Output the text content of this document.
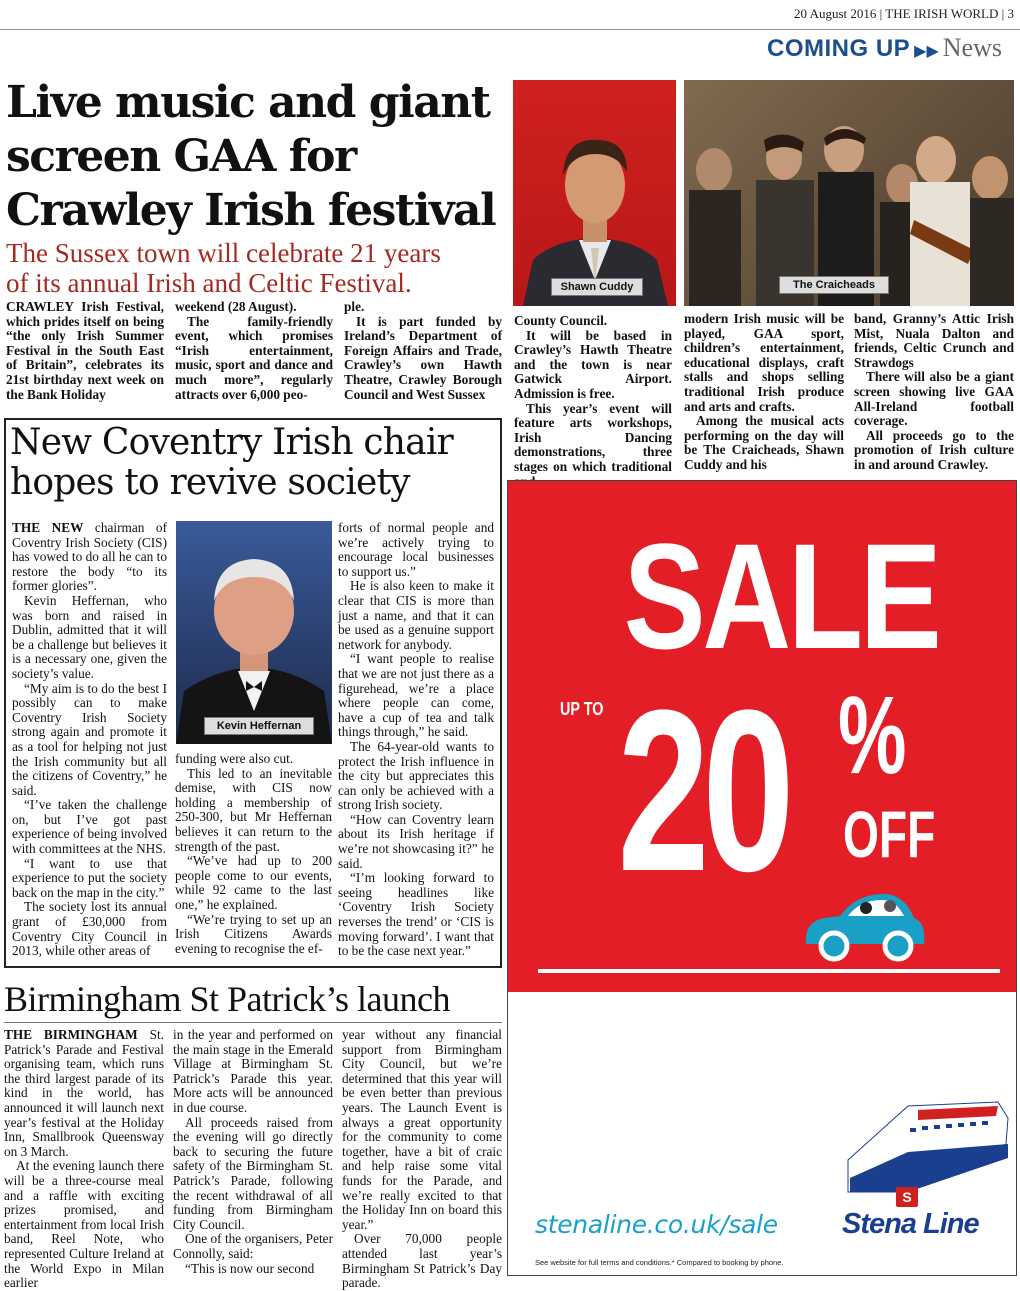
20 August 2016 | THE IRISH WORLD | 3
COMING UP ▶▶ News
Live music and giant
screen GAA for
Crawley Irish festival
The Sussex town will celebrate 21 years
of its annual Irish and Celtic Festival.

CRAWLEY Irish Festival, which prides itself on being “the only Irish Summer Festival in the South East of Britain”, celebrates its 21st birthday next week on the Bank Holiday

weekend (28 August).

The family-friendly event, which promises “Irish entertainment, music, sport and dance and much more”, regularly attracts over 6,000 peo-

ple.

It is part funded by Ireland’s Department of Foreign Affairs and Trade, Crawley’s own Hawth Theatre, Crawley Borough Council and West Sussex

County Council.

It will be based in Crawley’s Hawth Theatre and the town is near Gatwick Airport. Admission is free.

This year’s event will feature arts workshops, Irish Dancing demonstrations, three stages on which traditional

modern Irish music will be played, GAA sport, children’s entertainment, educational displays, craft stalls and shops selling traditional Irish produce and arts and crafts.

Among the musical acts performing on the day will be The Craicheads, Shawn Cuddy and his

band, Granny’s Attic Irish Mist, Nuala Dalton and friends, Celtic Crunch and Strawdogs

There will also be a giant screen showing live GAA All-Ireland football coverage.

All proceeds go to the promotion of Irish culture in and around Crawley.

Shawn Cuddy	The Craicheads
New Coventry Irish chair
hopes to revive society

THE NEW chairman of Coventry Irish Society (CIS) has vowed to do all he can to restore the body “to its former glories”.

Kevin Heffernan, who was born and raised in Dublin, admitted that it will be a challenge but believes it is a necessary one, given the society’s value.

“My aim is to do the best I possibly can to make Coventry Irish Society strong again and promote it as a tool for helping not just the Irish community but all the citizens of Coventry,” he said.

“I’ve taken the challenge on, but I’ve got past experience of being involved with committees at the NHS.

“I want to use that experience to put the society back on the map in the city.”

The society lost its annual grant of £30,000 from Coventry City Council in 2013, while other areas of

Kevin Heffernan

funding were also cut.

This led to an inevitable demise, with CIS now holding a membership of 250-300, but Mr Heffernan believes it can return to the strength of the past.

“We’ve had up to 200 people come to our events, while 92 came to the last one,” he explained.

“We’re trying to set up an Irish Citizens Awards evening to recognise the ef-

forts of normal people and we’re actively trying to encourage local businesses to support us.”

He is also keen to make it clear that CIS is more than just a name, and that it can be used as a genuine support network for anybody.

“I want people to realise that we are not just there as a figurehead, we’re a place where people can come, have a cup of tea and talk things through,” he said.

The 64-year-old wants to protect the Irish influence in the city but appreciates this can only be achieved with a strong Irish society.

“How can Coventry learn about its Irish heritage if we’re not showcasing it?” he said.

“I’m looking forward to seeing headlines like ‘Coventry Irish Society reverses the trend’ or ‘CIS is moving forward’. I want that to be the case next year.”

Birmingham St Patrick’s launch

THE BIRMINGHAM St. Patrick’s Parade and Festival organising team, which runs the third largest parade of its kind in the world, has announced it will launch next year’s festival at the Holiday Inn, Smallbrook Queensway on 3 March.

At the evening launch there will be a three-course meal and a raffle with exciting prizes promised, and entertainment from local Irish band, Reel Note, who represented Culture Ireland at the World Expo in Milan earlier

in the year and performed on the main stage in the Emerald Village at Birmingham St. Patrick’s Parade this year. More acts will be announced in due course.

All proceeds raised from the evening will go directly back to securing the future safety of the Birmingham St. Patrick’s Parade, following the recent withdrawal of all funding from Birmingham City Council.

One of the organisers, Peter Connolly, said:

“This is now our second

year without any financial support from Birmingham City Council, but we’re determined that this year will be even better than previous years. The Launch Event is always a great opportunity for the community to come together, have a bit of craic and help raise some vital funds for the Parade, and we’re really excited to that the Holiday Inn on board this year.”

Over 70,000 people attended last year’s Birmingham St Patrick’s Day parade.

SALE
UP TO 20 %
OFF
Here’s an offer to make you smile, so go on, grab yourself a bargain, hop in the car and head over to Ireland.
Save yourself up to 20% with offer code HAPPY when you travel to Dublin or Rosslare, anytime from 5 September – 18 December!
Hurry, don’t miss out, book by 30 August!
PS...Book online - it’s the easy way to save £10* ☺
stenaline.co.uk/sale
S
Stena Line
See website for full terms and conditions.* Compared to booking by phone.
